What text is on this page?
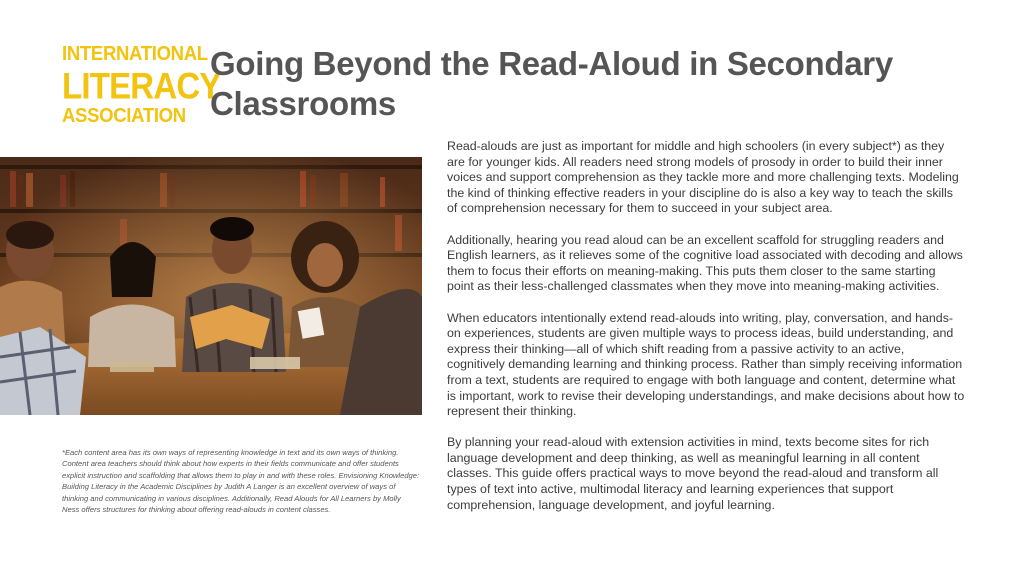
INTERNATIONAL
LITERACY
ASSOCIATION
Going Beyond the Read-Aloud in Secondary Classrooms
*Each content area has its own ways of representing knowledge in text and its own ways of thinking. Content area teachers should think about how experts in their fields communicate and offer students explicit instruction and scaffolding that allows them to play in and with these roles. Envisioning Knowledge: Building Literacy in the Academic Disciplines by Judith A Langer is an excellent overview of ways of thinking and communicating in various disciplines. Additionally, Read Alouds for All Learners by Molly Ness offers structures for thinking about offering read-alouds in content classes.

Read-alouds are just as important for middle and high schoolers (in every subject*) as they are for younger kids. All readers need strong models of prosody in order to build their inner voices and support comprehension as they tackle more and more challenging texts. Modeling the kind of thinking effective readers in your discipline do is also a key way to teach the skills of comprehension necessary for them to succeed in your subject area.

Additionally, hearing you read aloud can be an excellent scaffold for struggling readers and English learners, as it relieves some of the cognitive load associated with decoding and allows them to focus their efforts on meaning-making. This puts them closer to the same starting point as their less-challenged classmates when they move into meaning-making activities.

When educators intentionally extend read-alouds into writing, play, conversation, and hands-on experiences, students are given multiple ways to process ideas, build understanding, and express their thinking—all of which shift reading from a passive activity to an active, cognitively demanding learning and thinking process. Rather than simply receiving information from a text, students are required to engage with both language and content, determine what is important, work to revise their developing understandings, and make decisions about how to represent their thinking.

By planning your read-aloud with extension activities in mind, texts become sites for rich language development and deep thinking, as well as meaningful learning in all content classes. This guide offers practical ways to move beyond the read-aloud and transform all types of text into active, multimodal literacy and learning experiences that support comprehension, language development, and joyful learning.
